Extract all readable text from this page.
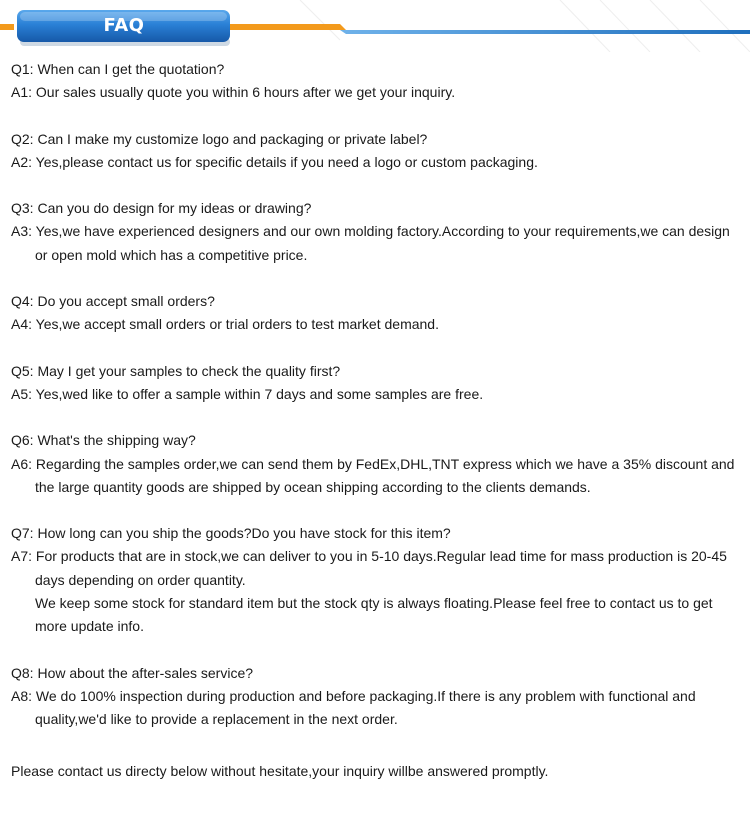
FAQ
Q1: When can I get the quotation?
A1: Our sales usually quote you within 6 hours after we get your inquiry.
Q2: Can I make my customize logo and packaging or private label?
A2: Yes,please contact us for specific details if you need a logo or custom packaging.
Q3: Can you do design for my ideas or drawing?
A3: Yes,we have experienced designers and our own molding factory.According to your requirements,we can design
or open mold which has a competitive price.
Q4: Do you accept small orders?
A4: Yes,we accept small orders or trial orders to test market demand.
Q5: May I get your samples to check the quality first?
A5: Yes,wed like to offer a sample within 7 days and some samples are free.
Q6: What's the shipping way?
A6: Regarding the samples order,we can send them by FedEx,DHL,TNT express which we have a 35% discount and
the large quantity goods are shipped by ocean shipping according to the clients demands.
Q7: How long can you ship the goods?Do you have stock for this item?
A7: For products that are in stock,we can deliver to you in 5-10 days.Regular lead time for mass production is 20-45
days depending on order quantity.
We keep some stock for standard item but the stock qty is always floating.Please feel free to contact us to get
more update info.
Q8: How about the after-sales service?
A8: We do 100% inspection during production and before packaging.If there is any problem with functional and
quality,we'd like to provide a replacement in the next order.
Please contact us directy below without hesitate,your inquiry willbe answered promptly.
